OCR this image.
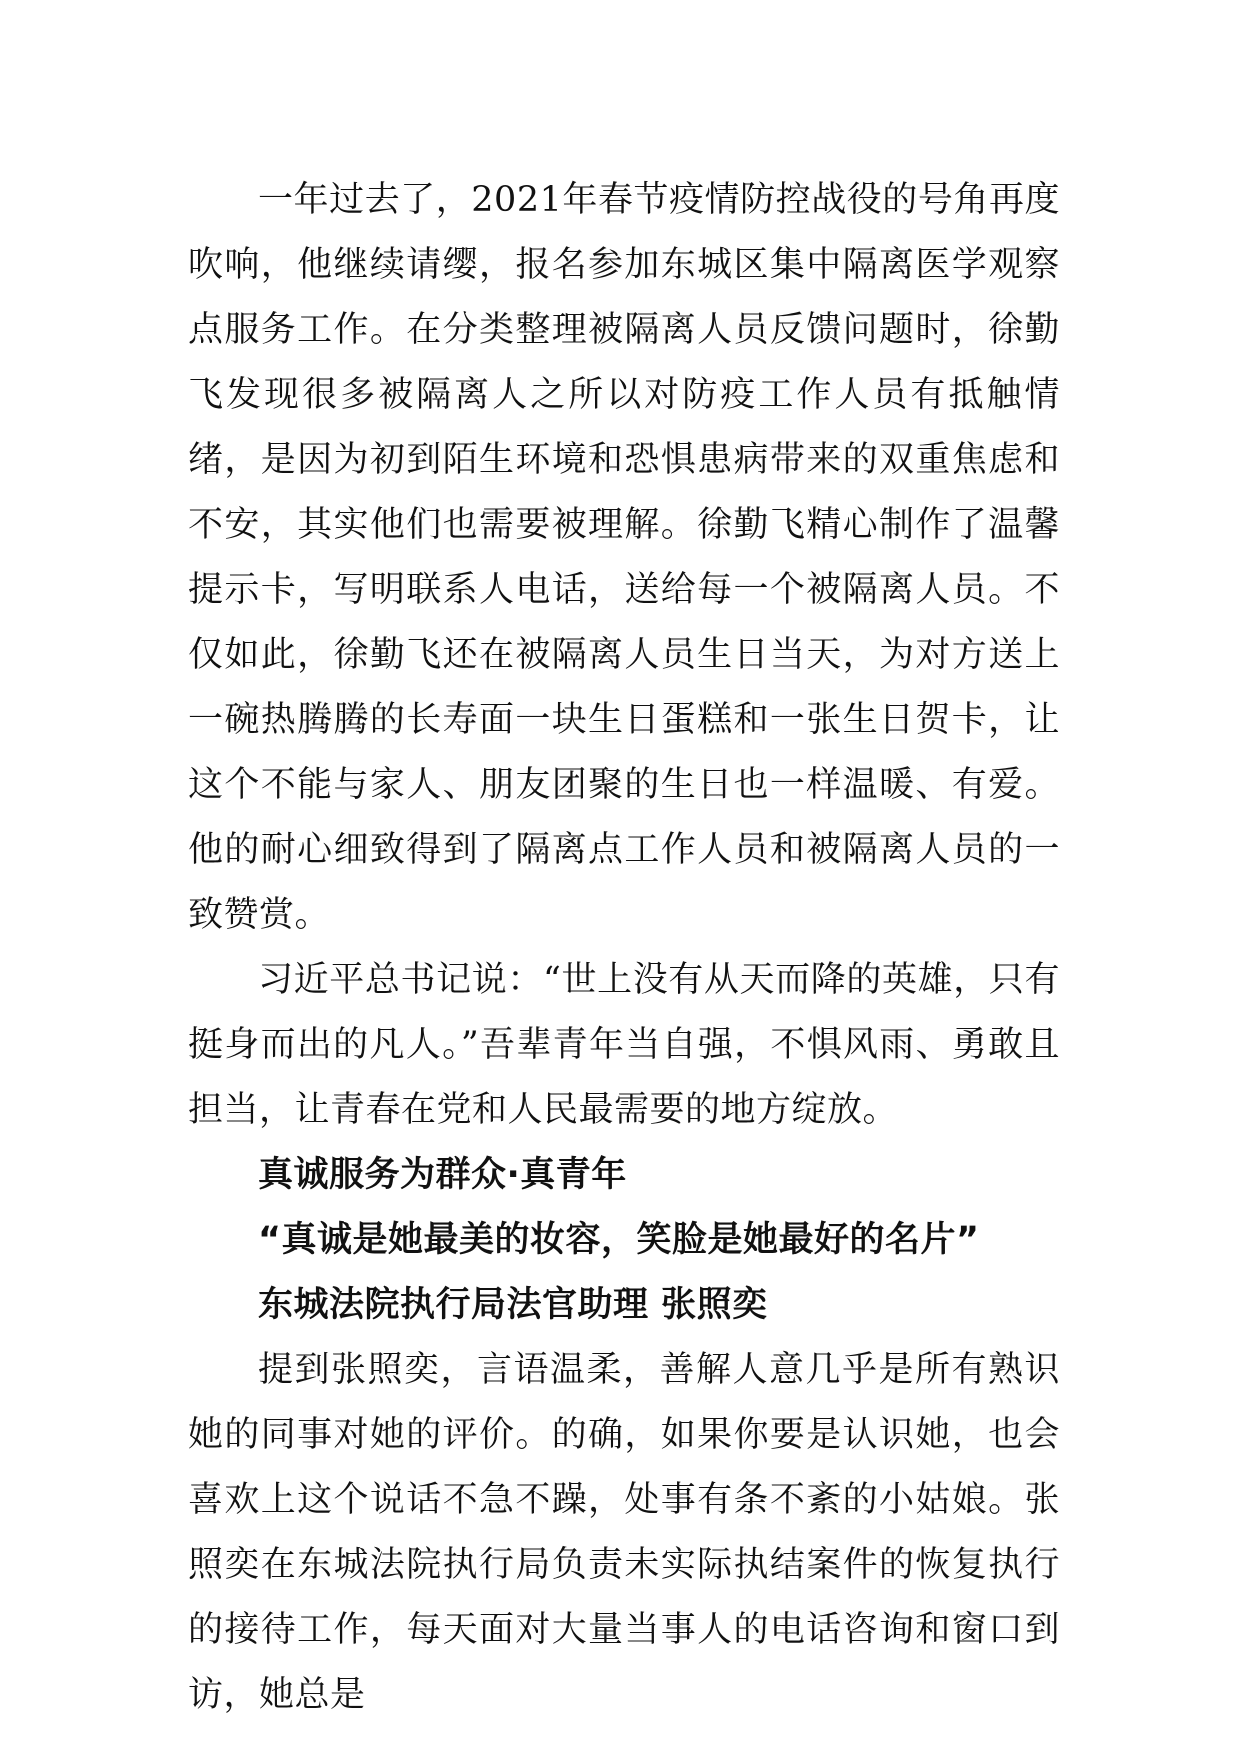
一年过去了，2021年春节疫情防控战役的号角再度吹响，他继续请缨，报名参加东城区集中隔离医学观察点服务工作。在分类整理被隔离人员反馈问题时，徐勤飞发现很多被隔离人之所以对防疫工作人员有抵触情绪，是因为初到陌生环境和恐惧患病带来的双重焦虑和不安，其实他们也需要被理解。徐勤飞精心制作了温馨提示卡，写明联系人电话，送给每一个被隔离人员。不仅如此，徐勤飞还在被隔离人员生日当天，为对方送上一碗热腾腾的长寿面一块生日蛋糕和一张生日贺卡，让这个不能与家人、朋友团聚的生日也一样温暖、有爱。他的耐心细致得到了隔离点工作人员和被隔离人员的一致赞赏。

习近平总书记说：“世上没有从天而降的英雄，只有挺身而出的凡人。”吾辈青年当自强，不惧风雨、勇敢且担当，让青春在党和人民最需要的地方绽放。

真诚服务为群众·真青年

“真诚是她最美的妆容，笑脸是她最好的名片”

东城法院执行局法官助理 张照奕

提到张照奕，言语温柔，善解人意几乎是所有熟识她的同事对她的评价。的确，如果你要是认识她，也会喜欢上这个说话不急不躁，处事有条不紊的小姑娘。张照奕在东城法院执行局负责未实际执结案件的恢复执行的接待工作，每天面对大量当事人的电话咨询和窗口到访，她总是
